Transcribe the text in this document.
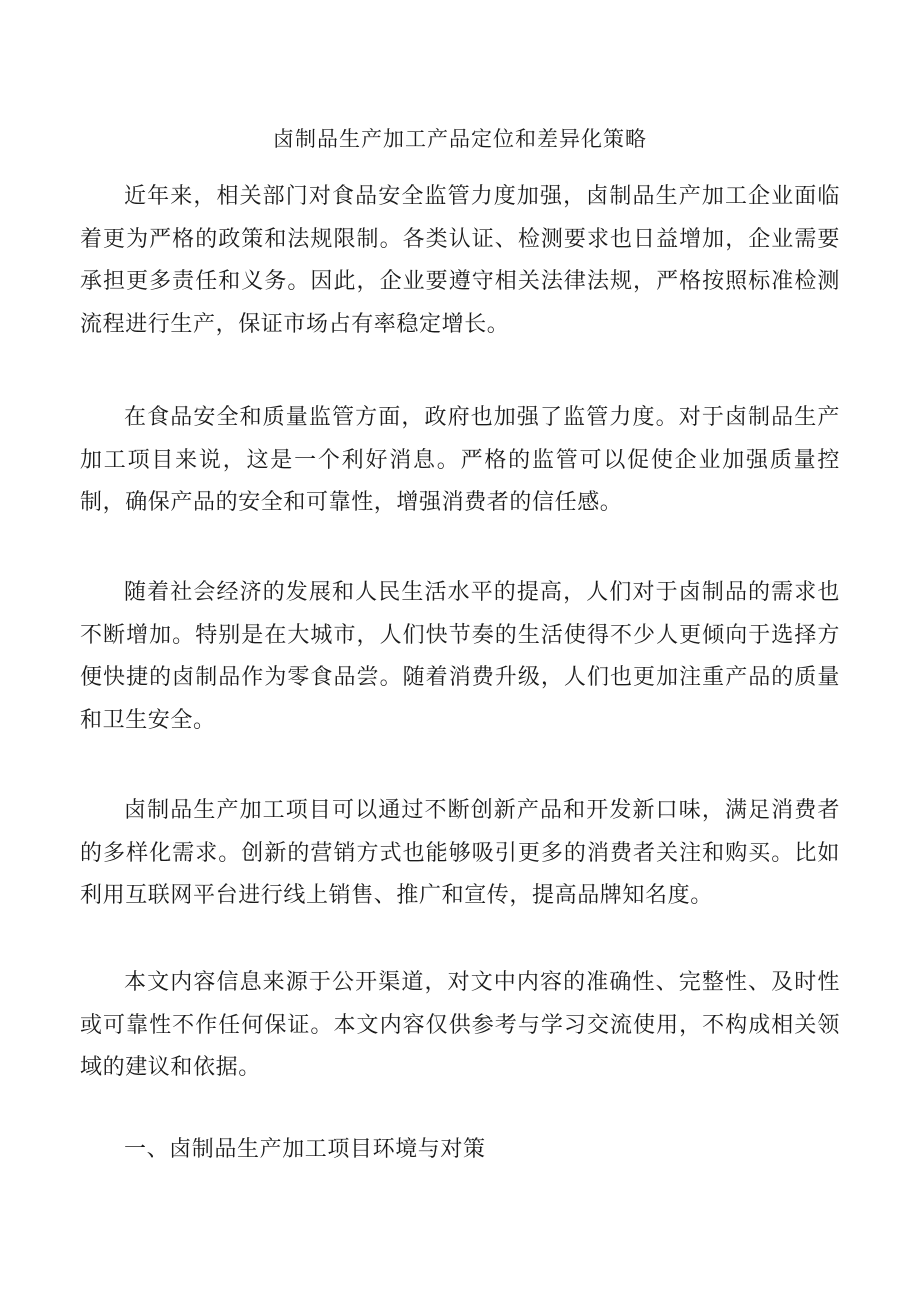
卤制品生产加工产品定位和差异化策略

近年来，相关部门对食品安全监管力度加强，卤制品生产加工企业面临着更为严格的政策和法规限制。各类认证、检测要求也日益增加，企业需要承担更多责任和义务。因此，企业要遵守相关法律法规，严格按照标准检测流程进行生产，保证市场占有率稳定增长。

在食品安全和质量监管方面，政府也加强了监管力度。对于卤制品生产加工项目来说，这是一个利好消息。严格的监管可以促使企业加强质量控制，确保产品的安全和可靠性，增强消费者的信任感。

随着社会经济的发展和人民生活水平的提高，人们对于卤制品的需求也不断增加。特别是在大城市，人们快节奏的生活使得不少人更倾向于选择方便快捷的卤制品作为零食品尝。随着消费升级，人们也更加注重产品的质量和卫生安全。

卤制品生产加工项目可以通过不断创新产品和开发新口味，满足消费者的多样化需求。创新的营销方式也能够吸引更多的消费者关注和购买。比如利用互联网平台进行线上销售、推广和宣传，提高品牌知名度。

本文内容信息来源于公开渠道，对文中内容的准确性、完整性、及时性或可靠性不作任何保证。本文内容仅供参考与学习交流使用，不构成相关领域的建议和依据。

一、卤制品生产加工项目环境与对策
